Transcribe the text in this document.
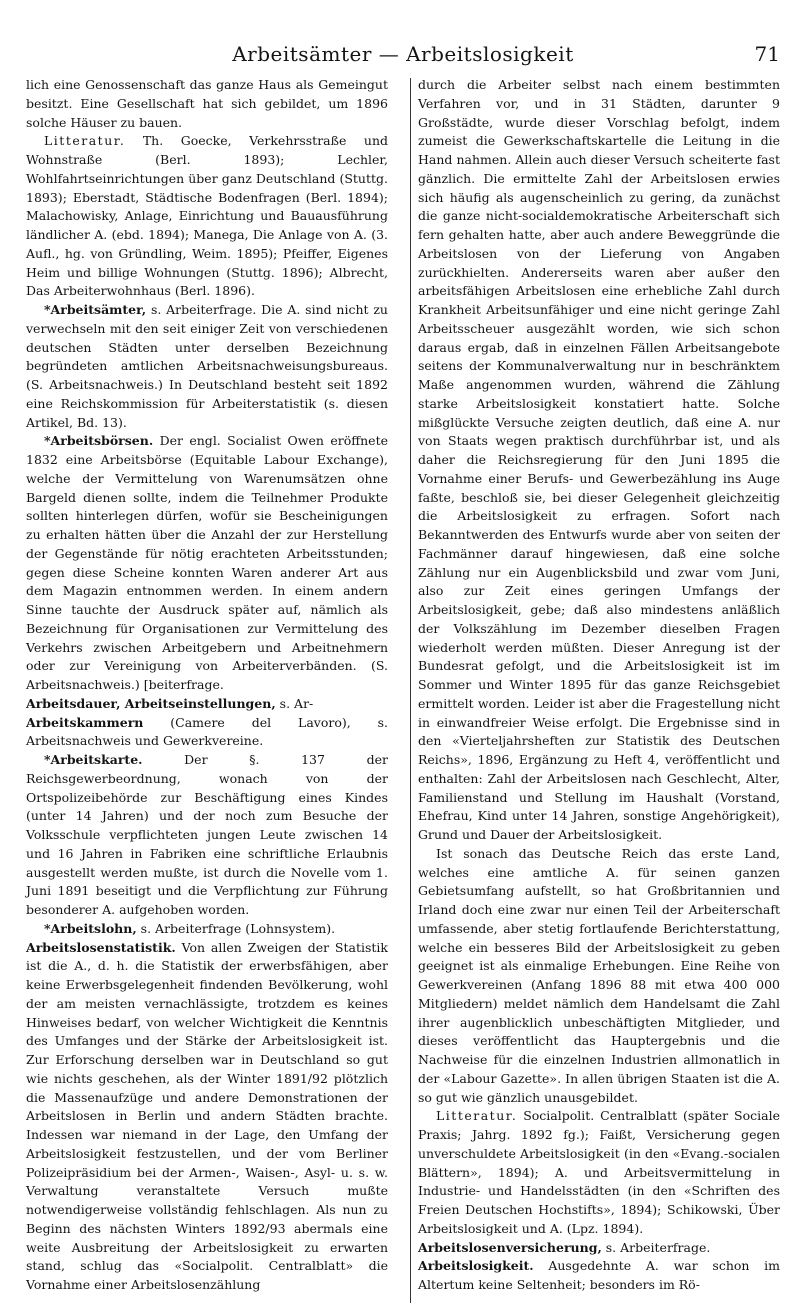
Arbeitsämter — Arbeitslosigkeit	71

lich eine Genossenschaft das ganze Haus als Gemeingut besitzt. Eine Gesellschaft hat sich gebildet, um 1896 solche Häuser zu bauen.

Litteratur. Th. Goecke, Verkehrsstraße und Wohnstraße (Berl. 1893); Lechler, Wohlfahrtseinrichtungen über ganz Deutschland (Stuttg. 1893); Eberstadt, Städtische Bodenfragen (Berl. 1894); Malachowisky, Anlage, Einrichtung und Bauausführung ländlicher A. (ebd. 1894); Manega, Die Anlage von A. (3. Aufl., hg. von Gründling, Weim. 1895); Pfeiffer, Eigenes Heim und billige Wohnungen (Stuttg. 1896); Albrecht, Das Arbeiterwohnhaus (Berl. 1896).

*Arbeitsämter, s. Arbeiterfrage. Die A. sind nicht zu verwechseln mit den seit einiger Zeit von verschiedenen deutschen Städten unter derselben Bezeichnung begründeten amtlichen Arbeitsnachweisungsbureaus. (S. Arbeitsnachweis.) In Deutschland besteht seit 1892 eine Reichskommission für Arbeiterstatistik (s. diesen Artikel, Bd. 13).

*Arbeitsbörsen. Der engl. Socialist Owen eröffnete 1832 eine Arbeitsbörse (Equitable Labour Exchange), welche der Vermittelung von Warenumsätzen ohne Bargeld dienen sollte, indem die Teilnehmer Produkte sollten hinterlegen dürfen, wofür sie Bescheinigungen zu erhalten hätten über die Anzahl der zur Herstellung der Gegenstände für nötig erachteten Arbeitsstunden; gegen diese Scheine konnten Waren anderer Art aus dem Magazin entnommen werden. In einem andern Sinne tauchte der Ausdruck später auf, nämlich als Bezeichnung für Organisationen zur Vermittelung des Verkehrs zwischen Arbeitgebern und Arbeitnehmern oder zur Vereinigung von Arbeiterverbänden. (S. Arbeitsnachweis.) [beiterfrage.

Arbeitsdauer, Arbeitseinstellungen, s. Ar-

Arbeitskammern (Camere del Lavoro), s. Arbeitsnachweis und Gewerkvereine.

*Arbeitskarte. Der §. 137 der Reichsgewerbeordnung, wonach von der Ortspolizeibehörde zur Beschäftigung eines Kindes (unter 14 Jahren) und der noch zum Besuche der Volksschule verpflichteten jungen Leute zwischen 14 und 16 Jahren in Fabriken eine schriftliche Erlaubnis ausgestellt werden mußte, ist durch die Novelle vom 1. Juni 1891 beseitigt und die Verpflichtung zur Führung besonderer A. aufgehoben worden.

*Arbeitslohn, s. Arbeiterfrage (Lohnsystem).

Arbeitslosenstatistik. Von allen Zweigen der Statistik ist die A., d. h. die Statistik der erwerbsfähigen, aber keine Erwerbsgelegenheit findenden Bevölkerung, wohl der am meisten vernachlässigte, trotzdem es keines Hinweises bedarf, von welcher Wichtigkeit die Kenntnis des Umfanges und der Stärke der Arbeitslosigkeit ist. Zur Erforschung derselben war in Deutschland so gut wie nichts geschehen, als der Winter 1891/92 plötzlich die Massenaufzüge und andere Demonstrationen der Arbeitslosen in Berlin und andern Städten brachte. Indessen war niemand in der Lage, den Umfang der Arbeitslosigkeit festzustellen, und der vom Berliner Polizeipräsidium bei der Armen-, Waisen-, Asyl- u. s. w. Verwaltung veranstaltete Versuch mußte notwendigerweise vollständig fehlschlagen. Als nun zu Beginn des nächsten Winters 1892/93 abermals eine weite Ausbreitung der Arbeitslosigkeit zu erwarten stand, schlug das «Socialpolit. Centralblatt» die Vornahme einer Arbeitslosenzählung

durch die Arbeiter selbst nach einem bestimmten Verfahren vor, und in 31 Städten, darunter 9 Großstädte, wurde dieser Vorschlag befolgt, indem zumeist die Gewerkschaftskartelle die Leitung in die Hand nahmen. Allein auch dieser Versuch scheiterte fast gänzlich. Die ermittelte Zahl der Arbeitslosen erwies sich häufig als augenscheinlich zu gering, da zunächst die ganze nicht-socialdemokratische Arbeiterschaft sich fern gehalten hatte, aber auch andere Beweggründe die Arbeitslosen von der Lieferung von Angaben zurückhielten. Andererseits waren aber außer den arbeitsfähigen Arbeitslosen eine erhebliche Zahl durch Krankheit Arbeitsunfähiger und eine nicht geringe Zahl Arbeitsscheuer ausgezählt worden, wie sich schon daraus ergab, daß in einzelnen Fällen Arbeitsangebote seitens der Kommunalverwaltung nur in beschränktem Maße angenommen wurden, während die Zählung starke Arbeitslosigkeit konstatiert hatte. Solche mißglückte Versuche zeigten deutlich, daß eine A. nur von Staats wegen praktisch durchführbar ist, und als daher die Reichsregierung für den Juni 1895 die Vornahme einer Berufs- und Gewerbezählung ins Auge faßte, beschloß sie, bei dieser Gelegenheit gleichzeitig die Arbeitslosigkeit zu erfragen. Sofort nach Bekanntwerden des Entwurfs wurde aber von seiten der Fachmänner darauf hingewiesen, daß eine solche Zählung nur ein Augenblicksbild und zwar vom Juni, also zur Zeit eines geringen Umfangs der Arbeitslosigkeit, gebe; daß also mindestens anläßlich der Volkszählung im Dezember dieselben Fragen wiederholt werden müßten. Dieser Anregung ist der Bundesrat gefolgt, und die Arbeitslosigkeit ist im Sommer und Winter 1895 für das ganze Reichsgebiet ermittelt worden. Leider ist aber die Fragestellung nicht in einwandfreier Weise erfolgt. Die Ergebnisse sind in den «Vierteljahrsheften zur Statistik des Deutschen Reichs», 1896, Ergänzung zu Heft 4, veröffentlicht und enthalten: Zahl der Arbeitslosen nach Geschlecht, Alter, Familienstand und Stellung im Haushalt (Vorstand, Ehefrau, Kind unter 14 Jahren, sonstige Angehörigkeit), Grund und Dauer der Arbeitslosigkeit.

Ist sonach das Deutsche Reich das erste Land, welches eine amtliche A. für seinen ganzen Gebietsumfang aufstellt, so hat Großbritannien und Irland doch eine zwar nur einen Teil der Arbeiterschaft umfassende, aber stetig fortlaufende Berichterstattung, welche ein besseres Bild der Arbeitslosigkeit zu geben geeignet ist als einmalige Erhebungen. Eine Reihe von Gewerkvereinen (Anfang 1896 88 mit etwa 400 000 Mitgliedern) meldet nämlich dem Handelsamt die Zahl ihrer augenblicklich unbeschäftigten Mitglieder, und dieses veröffentlicht das Hauptergebnis und die Nachweise für die einzelnen Industrien allmonatlich in der «Labour Gazette». In allen übrigen Staaten ist die A. so gut wie gänzlich unausgebildet.

Litteratur. Socialpolit. Centralblatt (später Sociale Praxis; Jahrg. 1892 fg.); Faißt, Versicherung gegen unverschuldete Arbeitslosigkeit (in den «Evang.-socialen Blättern», 1894); A. und Arbeitsvermittelung in Industrie- und Handelsstädten (in den «Schriften des Freien Deutschen Hochstifts», 1894); Schikowski, Über Arbeitslosigkeit und A. (Lpz. 1894).

Arbeitslosenversicherung, s. Arbeiterfrage.

Arbeitslosigkeit. Ausgedehnte A. war schon im Altertum keine Seltenheit; besonders im Rö-
